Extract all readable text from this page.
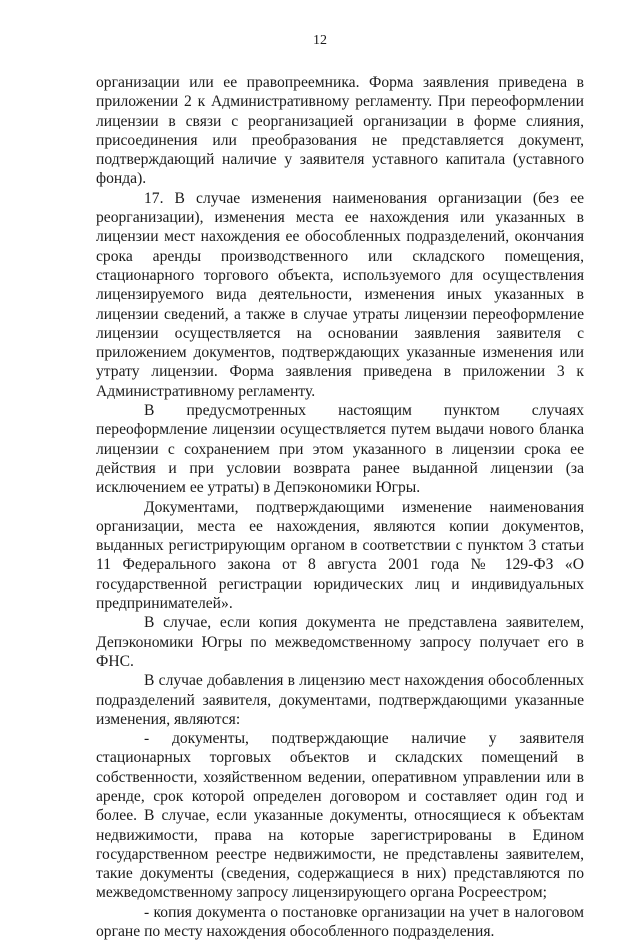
12

организации или ее правопреемника. Форма заявления приведена в приложении 2 к Административному регламенту. При переоформлении лицензии в связи с реорганизацией организации в форме слияния, присоединения или преобразования не представляется документ, подтверждающий наличие у заявителя уставного капитала (уставного фонда).

17. В случае изменения наименования организации (без ее реорганизации), изменения места ее нахождения или указанных в лицензии мест нахождения ее обособленных подразделений, окончания срока аренды производственного или складского помещения, стационарного торгового объекта, используемого для осуществления лицензируемого вида деятельности, изменения иных указанных в лицензии сведений, а также в случае утраты лицензии переоформление лицензии осуществляется на основании заявления заявителя с приложением документов, подтверждающих указанные изменения или утрату лицензии. Форма заявления приведена в приложении 3 к Административному регламенту.

В предусмотренных настоящим пунктом случаях переоформление лицензии осуществляется путем выдачи нового бланка лицензии с сохранением при этом указанного в лицензии срока ее действия и при условии возврата ранее выданной лицензии (за исключением ее утраты) в Депэкономики Югры.

Документами, подтверждающими изменение наименования организации, места ее нахождения, являются копии документов, выданных регистрирующим органом в соответствии с пунктом 3 статьи 11 Федерального закона от 8 августа 2001 года № 129-ФЗ «О государственной регистрации юридических лиц и индивидуальных предпринимателей».

В случае, если копия документа не представлена заявителем, Депэкономики Югры по межведомственному запросу получает его в ФНС.

В случае добавления в лицензию мест нахождения обособленных подразделений заявителя, документами, подтверждающими указанные изменения, являются:

- документы, подтверждающие наличие у заявителя стационарных торговых объектов и складских помещений в собственности, хозяйственном ведении, оперативном управлении или в аренде, срок которой определен договором и составляет один год и более. В случае, если указанные документы, относящиеся к объектам недвижимости, права на которые зарегистрированы в Едином государственном реестре недвижимости, не представлены заявителем, такие документы (сведения, содержащиеся в них) представляются по межведомственному запросу лицензирующего органа Росреестром;

- копия документа о постановке организации на учет в налоговом органе по месту нахождения обособленного подразделения.
